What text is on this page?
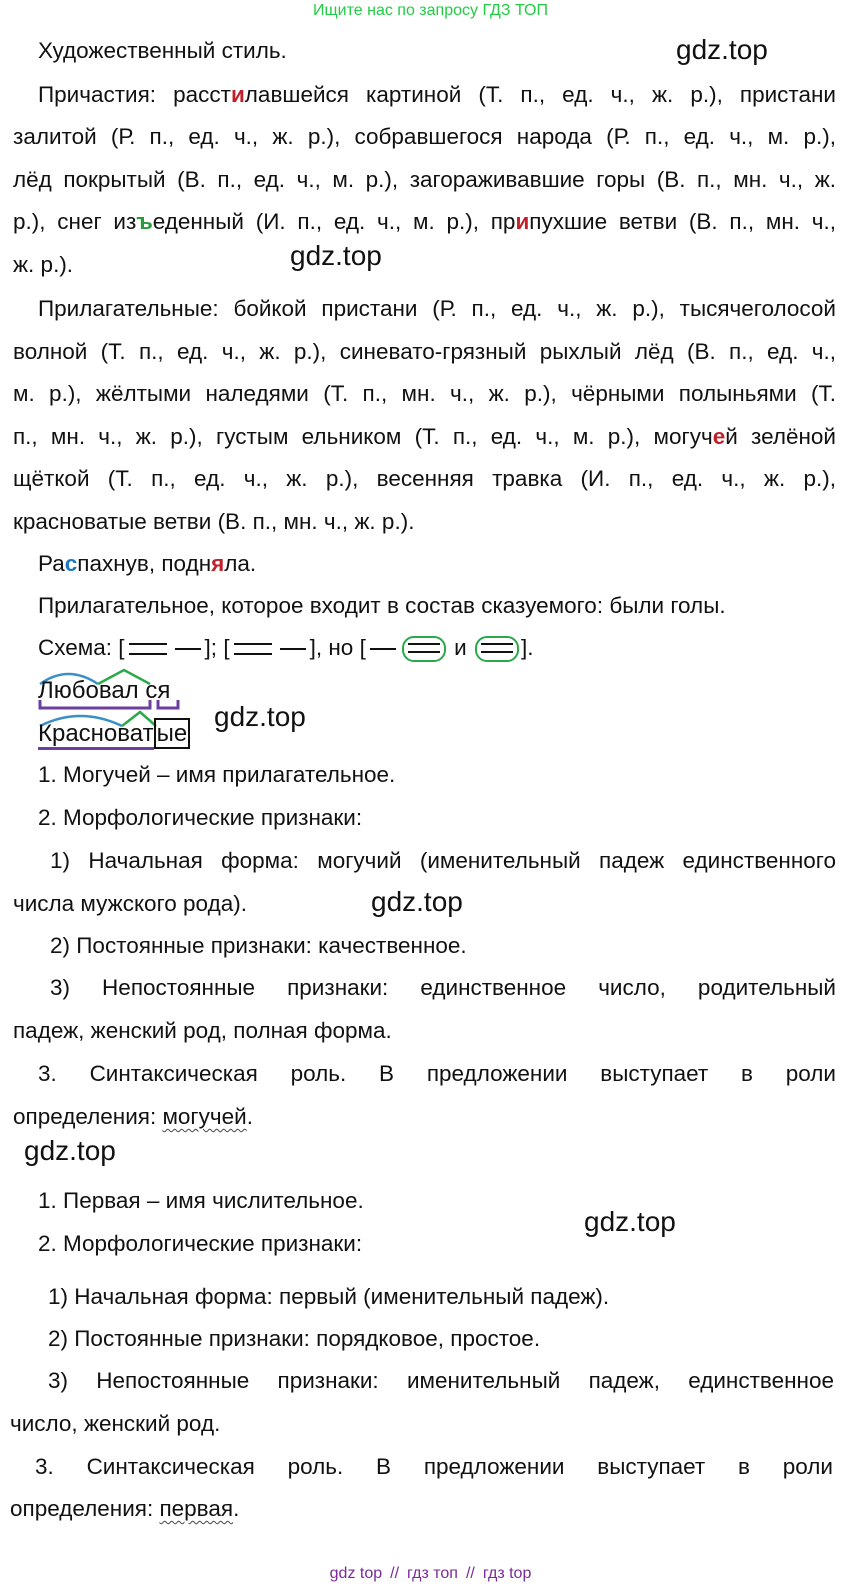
Ищите нас по запросу ГДЗ ТОП
gdz.top
gdz.top
gdz.top
gdz.top
gdz.top
gdz.top
Художественный стиль.
Причастия: расстилавшейся картиной (Т. п., ед. ч., ж. р.), пристани
залитой (Р. п., ед. ч., ж. р.), собравшегося народа (Р. п., ед. ч., м. р.),
лёд покрытый (В. п., ед. ч., м. р.), загораживавшие горы (В. п., мн. ч., ж.
р.), снег изъеденный (И. п., ед. ч., м. р.), припухшие ветви (В. п., мн. ч.,
ж. р.).
Прилагательные: бойкой пристани (Р. п., ед. ч., ж. р.), тысячеголосой
волной (Т. п., ед. ч., ж. р.), синевато-грязный рыхлый лёд (В. п., ед. ч.,
м. р.), жёлтыми наледями (Т. п., мн. ч., ж. р.), чёрными полыньями (Т.
п., мн. ч., ж. р.), густым ельником (Т. п., ед. ч., м. р.), могучей зелёной
щёткой (Т. п., ед. ч., ж. р.), весенняя травка (И. п., ед. ч., ж. р.),
красноватые ветви (В. п., мн. ч., ж. р.).
Распахнув, подняла.
Прилагательное, которое входит в состав сказуемого: были голы.
Схема: [	]; [	], но [	и ].
Любовал ся
Красноват ые
1. Могучей – имя прилагательное.
2. Морфологические признаки:
1) Начальная форма: могучий (именительный падеж единственного
числа мужского рода).
2) Постоянные признаки: качественное.
3) Непостоянные признаки: единственное число, родительный
падеж, женский род, полная форма.
3. Синтаксическая роль. В предложении выступает в роли
определения: могучей.
1. Первая – имя числительное.
2. Морфологические признаки:
1) Начальная форма: первый (именительный падеж).
2) Постоянные признаки: порядковое, простое.
3) Непостоянные признаки: именительный падеж, единственное
число, женский род.
3. Синтаксическая роль. В предложении выступает в роли
определения: первая.
gdz top // гдз топ // гдз top
